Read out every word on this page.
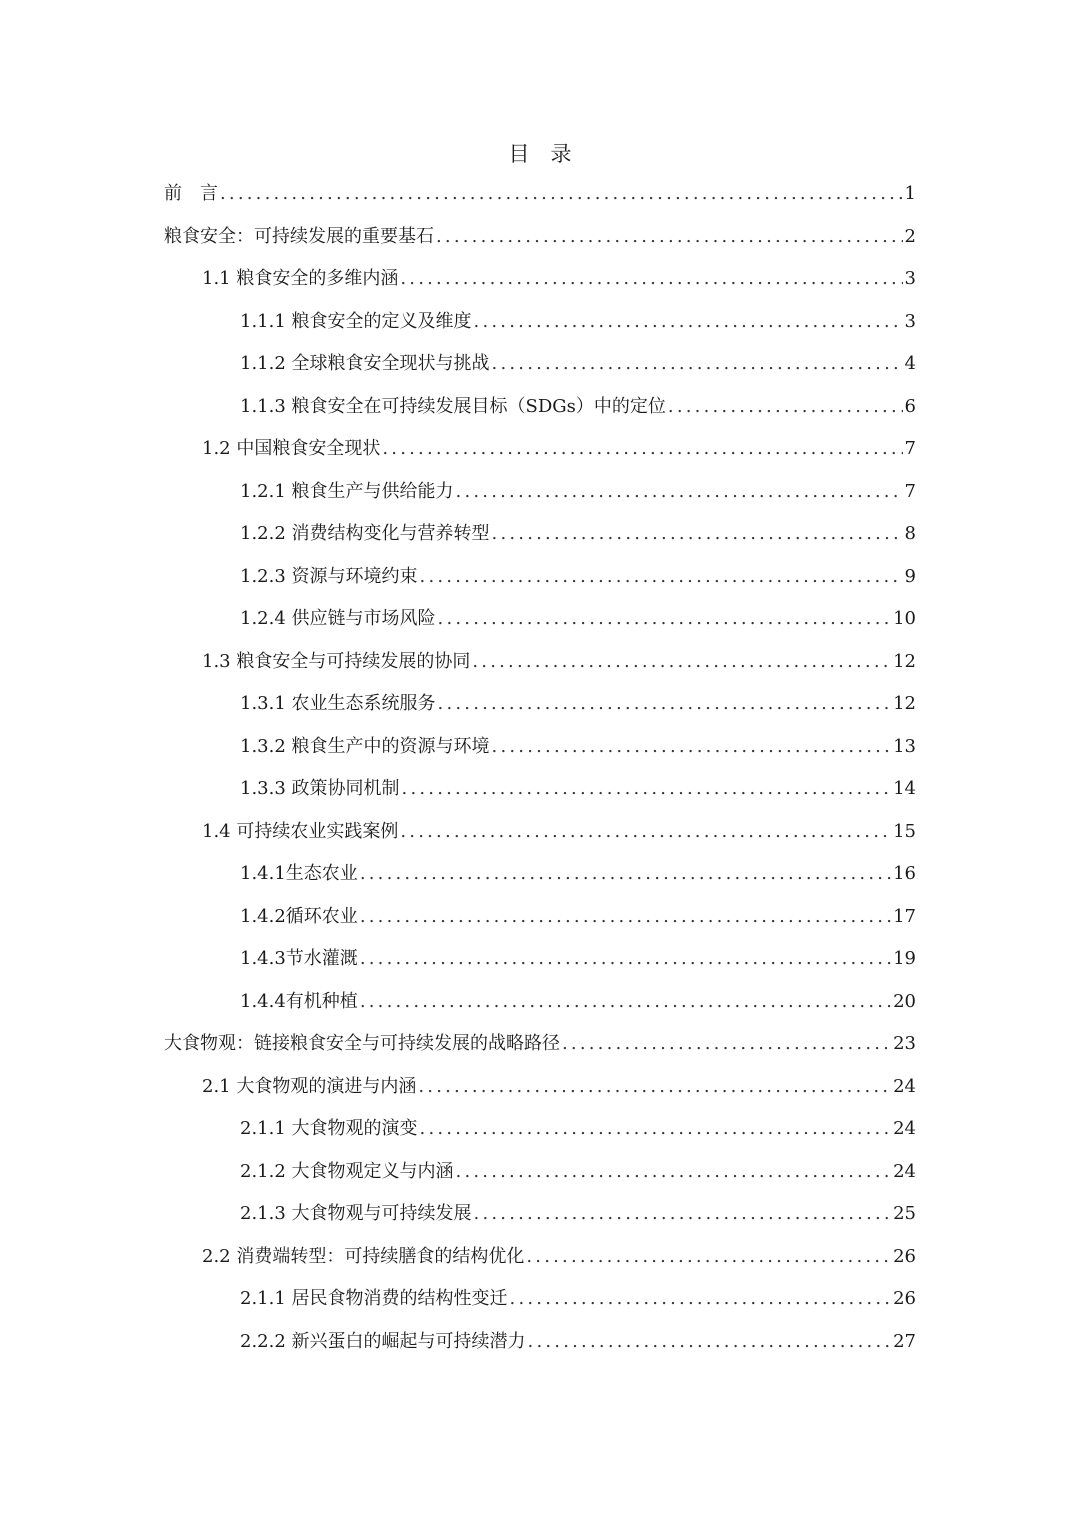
目　录
前　言 .....	1
粮食安全：可持续发展的重要基石 .....	2
1.1 粮食安全的多维内涵 .....	3
1.1.1 粮食安全的定义及维度 .....	3
1.1.2 全球粮食安全现状与挑战 .....	4
1.1.3 粮食安全在可持续发展目标（SDGs）中的定位 .....	6
1.2 中国粮食安全现状 .....	7
1.2.1 粮食生产与供给能力 .....	7
1.2.2 消费结构变化与营养转型 .....	8
1.2.3 资源与环境约束 .....	9
1.2.4 供应链与市场风险 .....	10
1.3 粮食安全与可持续发展的协同 .....	12
1.3.1 农业生态系统服务 .....	12
1.3.2 粮食生产中的资源与环境 .....	13
1.3.3 政策协同机制 .....	14
1.4 可持续农业实践案例 .....	15
1.4.1生态农业 .....	16
1.4.2循环农业 .....	17
1.4.3节水灌溉 .....	19
1.4.4有机种植 .....	20
大食物观：链接粮食安全与可持续发展的战略路径 .....	23
2.1 大食物观的演进与内涵 .....	24
2.1.1 大食物观的演变 .....	24
2.1.2 大食物观定义与内涵 .....	24
2.1.3 大食物观与可持续发展 .....	25
2.2 消费端转型：可持续膳食的结构优化 .....	26
2.1.1 居民食物消费的结构性变迁 .....	26
2.2.2 新兴蛋白的崛起与可持续潜力 .....	27
